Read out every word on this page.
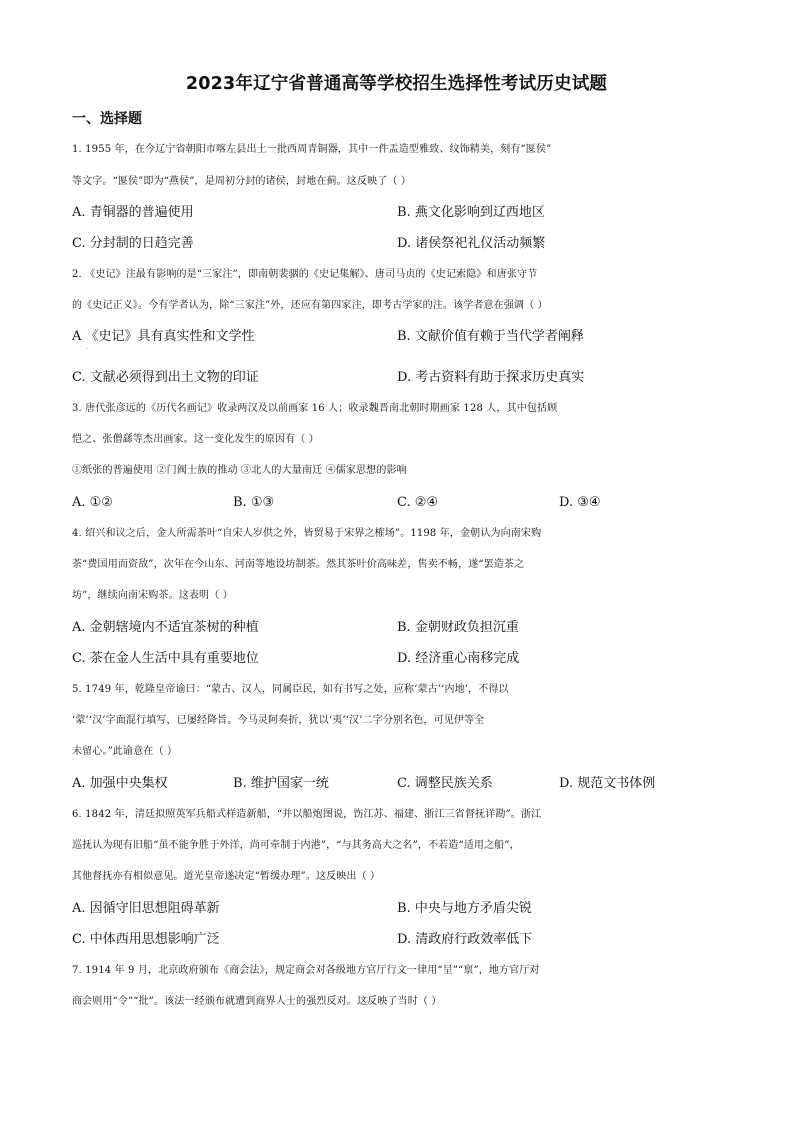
2023年辽宁省普通高等学校招生选择性考试历史试题
一、选择题
1. 1955 年，在今辽宁省朝阳市喀左县出土一批西周青铜器，其中一件盂造型雅致、纹饰精美，刻有“匽侯”
等文字。“匽侯”即为“燕侯”，是周初分封的诸侯，封地在蓟。这反映了（ ）
A. 青铜器的普遍使用	B. 燕文化影响到辽西地区
C. 分封制的日趋完善	D. 诸侯祭祀礼仪活动频繁
2. 《史记》注最有影响的是“三家注”，即南朝裴骃的《史记集解》、唐司马贞的《史记索隐》和唐张守节
的《史记正义》。今有学者认为，除“三家注”外，还应有第四家注，即考古学家的注。该学者意在强调（ ）
A 《史记》具有真实性和文学性	B. 文献价值有赖于当代学者阐释
·
C. 文献必须得到出土文物的印证	D. 考古资料有助于探求历史真实
3. 唐代张彦远的《历代名画记》收录两汉及以前画家 16 人；收录魏晋南北朝时期画家 128 人，其中包括顾
恺之、张僧繇等杰出画家。这一变化发生的原因有（ ）
①纸张的普遍使用 ②门阀士族的推动 ③北人的大量南迁 ④儒家思想的影响
A. ①②	B. ①③	C. ②④	D. ③④
4. 绍兴和议之后，金人所需茶叶“自宋人岁供之外，皆贸易于宋界之榷场”。1198 年，金朝认为向南宋购
茶“费国用而资敌”，次年在今山东、河南等地设坊制茶。然其茶叶价高味差，售卖不畅，遂“罢造茶之
坊”，继续向南宋购茶。这表明（ ）
A. 金朝辖境内不适宜茶树的种植	B. 金朝财政负担沉重
C. 茶在金人生活中具有重要地位	D. 经济重心南移完成
5. 1749 年，乾隆皇帝谕曰：“蒙古、汉人，同属臣民，如有书写之处，应称‘蒙古’‘内地’，不得以
‘蒙’‘汉’字面混行填写，已屡经降旨。今马灵阿奏折，犹以‘夷’‘汉’二字分别名色，可见伊等全
未留心。”此谕意在（ ）
A. 加强中央集权	B. 维护国家一统	C. 调整民族关系	D. 规范文书体例
6. 1842 年，清廷拟照英军兵船式样造新船，“并以船炮图说，饬江苏、福建、浙江三省督抚详勘”。浙江
巡抚认为现有旧船“虽不能争胜于外洋，尚可牵制于内港”，“与其务高大之名”，不若造“适用之船”，
其他督抚亦有相似意见。道光皇帝遂决定“暂缓办理”。这反映出（ ）
A. 因循守旧思想阻碍革新	B. 中央与地方矛盾尖锐
C. 中体西用思想影响广泛	D. 清政府行政效率低下
7. 1914 年 9 月，北京政府颁布《商会法》，规定商会对各级地方官厅行文一律用“呈”“禀”，地方官厅对
商会则用“令”“批”。该法一经颁布就遭到商界人士的强烈反对。这反映了当时（ ）
